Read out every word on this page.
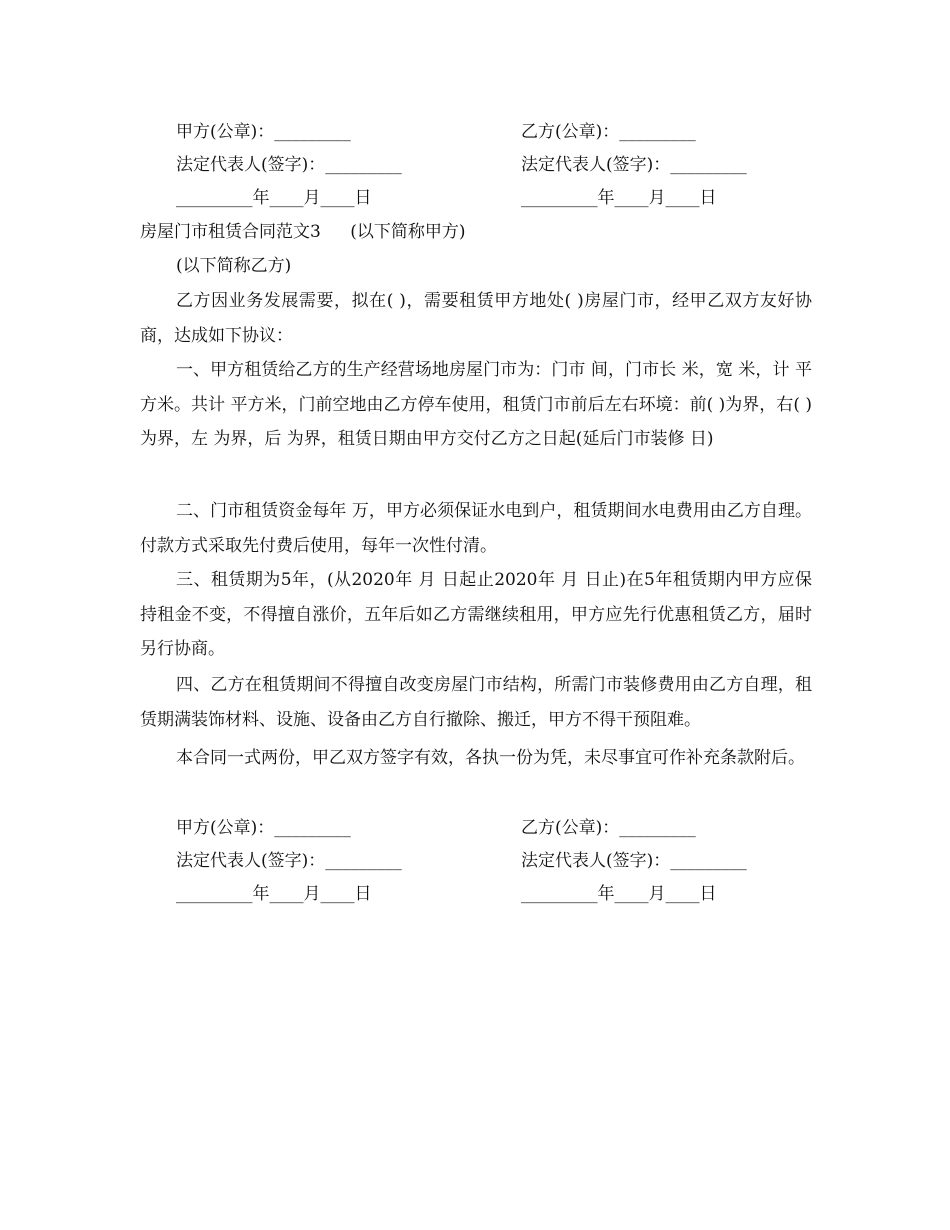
甲方(公章)：_________	乙方(公章)：_________
法定代表人(签字)：_________	法定代表人(签字)：_________
_________年____月____日	_________年____月____日
房屋门市租赁合同范文3 (以下简称甲方)
(以下简称乙方)

乙方因业务发展需要，拟在( )，需要租赁甲方地处( )房屋门市，经甲乙双方友好协商，达成如下协议：

一、甲方租赁给乙方的生产经营场地房屋门市为：门市 间，门市长 米，宽 米，计 平方米。共计 平方米，门前空地由乙方停车使用，租赁门市前后左右环境：前( )为界，右( )为界，左 为界，后 为界，租赁日期由甲方交付乙方之日起(延后门市装修 日)

二、门市租赁资金每年 万，甲方必须保证水电到户，租赁期间水电费用由乙方自理。付款方式采取先付费后使用，每年一次性付清。

三、租赁期为5年，(从2020年 月 日起止2020年 月 日止)在5年租赁期内甲方应保持租金不变，不得擅自涨价，五年后如乙方需继续租用，甲方应先行优惠租赁乙方，届时另行协商。

四、乙方在租赁期间不得擅自改变房屋门市结构，所需门市装修费用由乙方自理，租赁期满装饰材料、设施、设备由乙方自行撤除、搬迁，甲方不得干预阻难。

本合同一式两份，甲乙双方签字有效，各执一份为凭，未尽事宜可作补充条款附后。

甲方(公章)：_________	乙方(公章)：_________
法定代表人(签字)：_________	法定代表人(签字)：_________
_________年____月____日	_________年____月____日
